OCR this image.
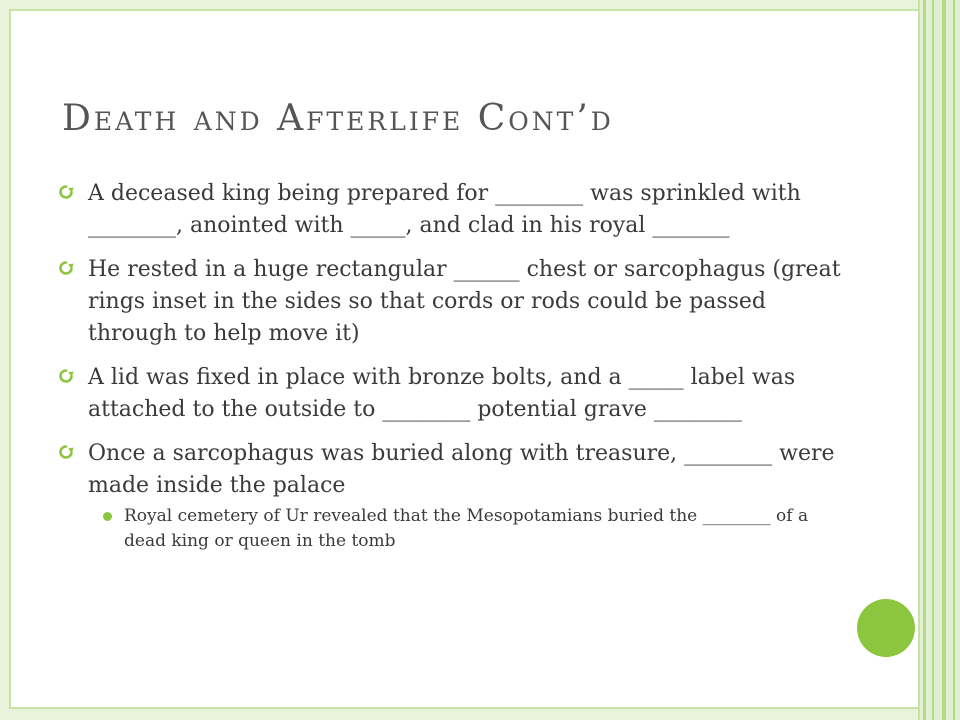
Death and Afterlife Cont’d
A deceased king being prepared for ________ was sprinkled with ________, anointed with _____, and clad in his royal _______
He rested in a huge rectangular ______ chest or sarcophagus (great rings inset in the sides so that cords or rods could be passed through to help move it)
A lid was fixed in place with bronze bolts, and a _____ label was attached to the outside to ________ potential grave ________
Once a sarcophagus was buried along with treasure, ________ were made inside the palace
Royal cemetery of Ur revealed that the Mesopotamians buried the ________ of a dead king or queen in the tomb
